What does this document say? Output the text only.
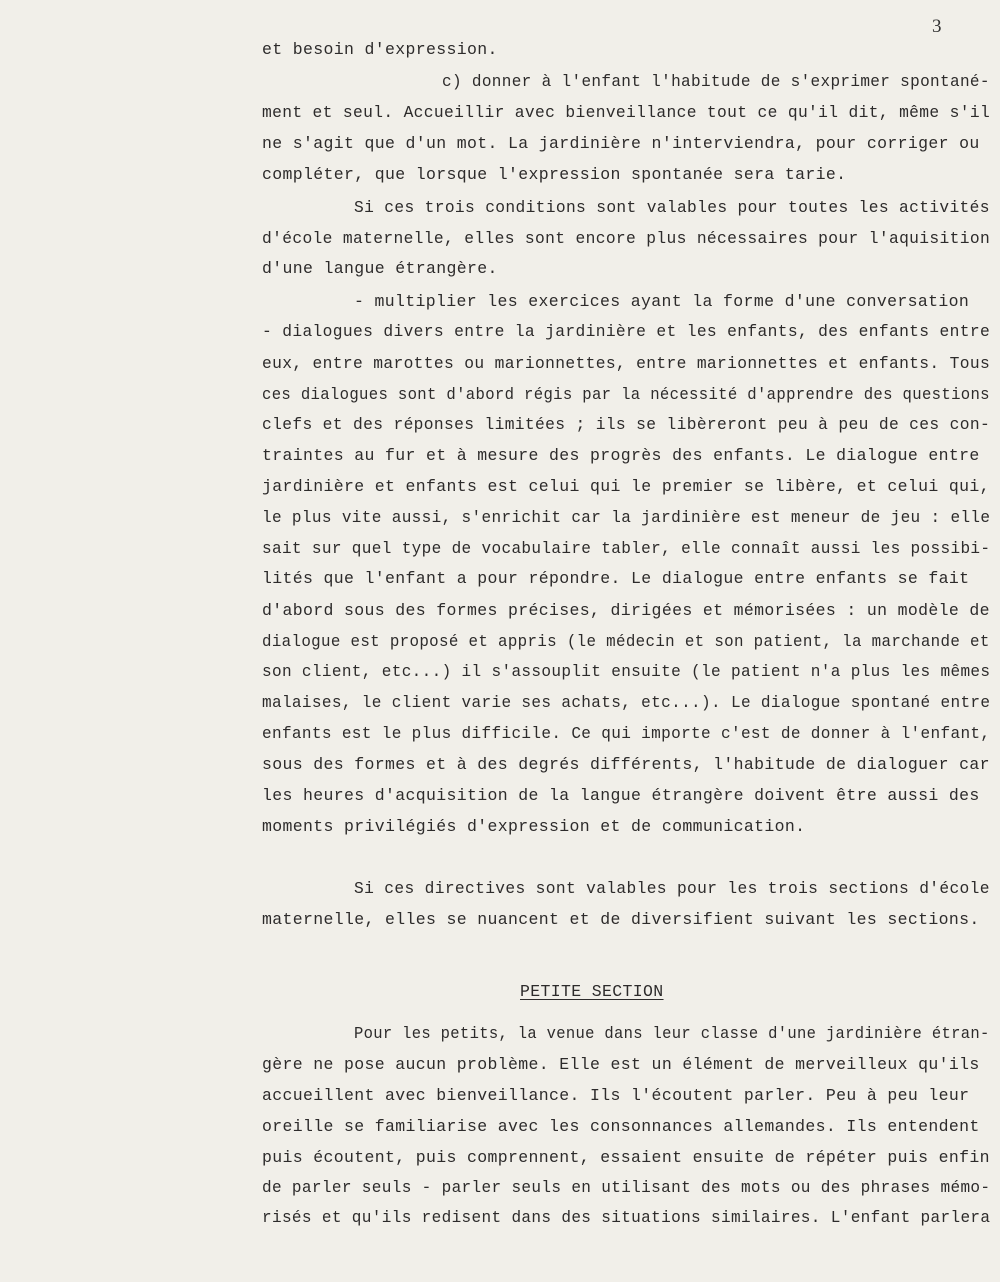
3
et besoin d'expression.
c) donner à l'enfant l'habitude de s'exprimer spontané-
ment et seul. Accueillir avec bienveillance tout ce qu'il dit, même s'il
ne s'agit que d'un mot. La jardinière n'interviendra, pour corriger ou
compléter, que lorsque l'expression spontanée sera tarie.
Si ces trois conditions sont valables pour toutes les activités
d'école maternelle, elles sont encore plus nécessaires pour l'aquisition
d'une langue étrangère.
- multiplier les exercices ayant la forme d'une conversation
- dialogues divers entre la jardinière et les enfants, des enfants entre
eux, entre marottes ou marionnettes, entre marionnettes et enfants. Tous
ces dialogues sont d'abord régis par la nécessité d'apprendre des questions
clefs et des réponses limitées ; ils se libèreront peu à peu de ces con-
traintes au fur et à mesure des progrès des enfants. Le dialogue entre
jardinière et enfants est celui qui le premier se libère, et celui qui,
le plus vite aussi, s'enrichit car la jardinière est meneur de jeu : elle
sait sur quel type de vocabulaire tabler, elle connaît aussi les possibi-
lités que l'enfant a pour répondre. Le dialogue entre enfants se fait
d'abord sous des formes précises, dirigées et mémorisées : un modèle de
dialogue est proposé et appris (le médecin et son patient, la marchande et
son client, etc...) il s'assouplit ensuite (le patient n'a plus les mêmes
malaises, le client varie ses achats, etc...). Le dialogue spontané entre
enfants est le plus difficile. Ce qui importe c'est de donner à l'enfant,
sous des formes et à des degrés différents, l'habitude de dialoguer car
les heures d'acquisition de la langue étrangère doivent être aussi des
moments privilégiés d'expression et de communication.
Si ces directives sont valables pour les trois sections d'école
maternelle, elles se nuancent et de diversifient suivant les sections.
PETITE SECTION
Pour les petits, la venue dans leur classe d'une jardinière étran-
gère ne pose aucun problème. Elle est un élément de merveilleux qu'ils
accueillent avec bienveillance. Ils l'écoutent parler. Peu à peu leur
oreille se familiarise avec les consonnances allemandes. Ils entendent
puis écoutent, puis comprennent, essaient ensuite de répéter puis enfin
de parler seuls - parler seuls en utilisant des mots ou des phrases mémo-
risés et qu'ils redisent dans des situations similaires. L'enfant parlera
